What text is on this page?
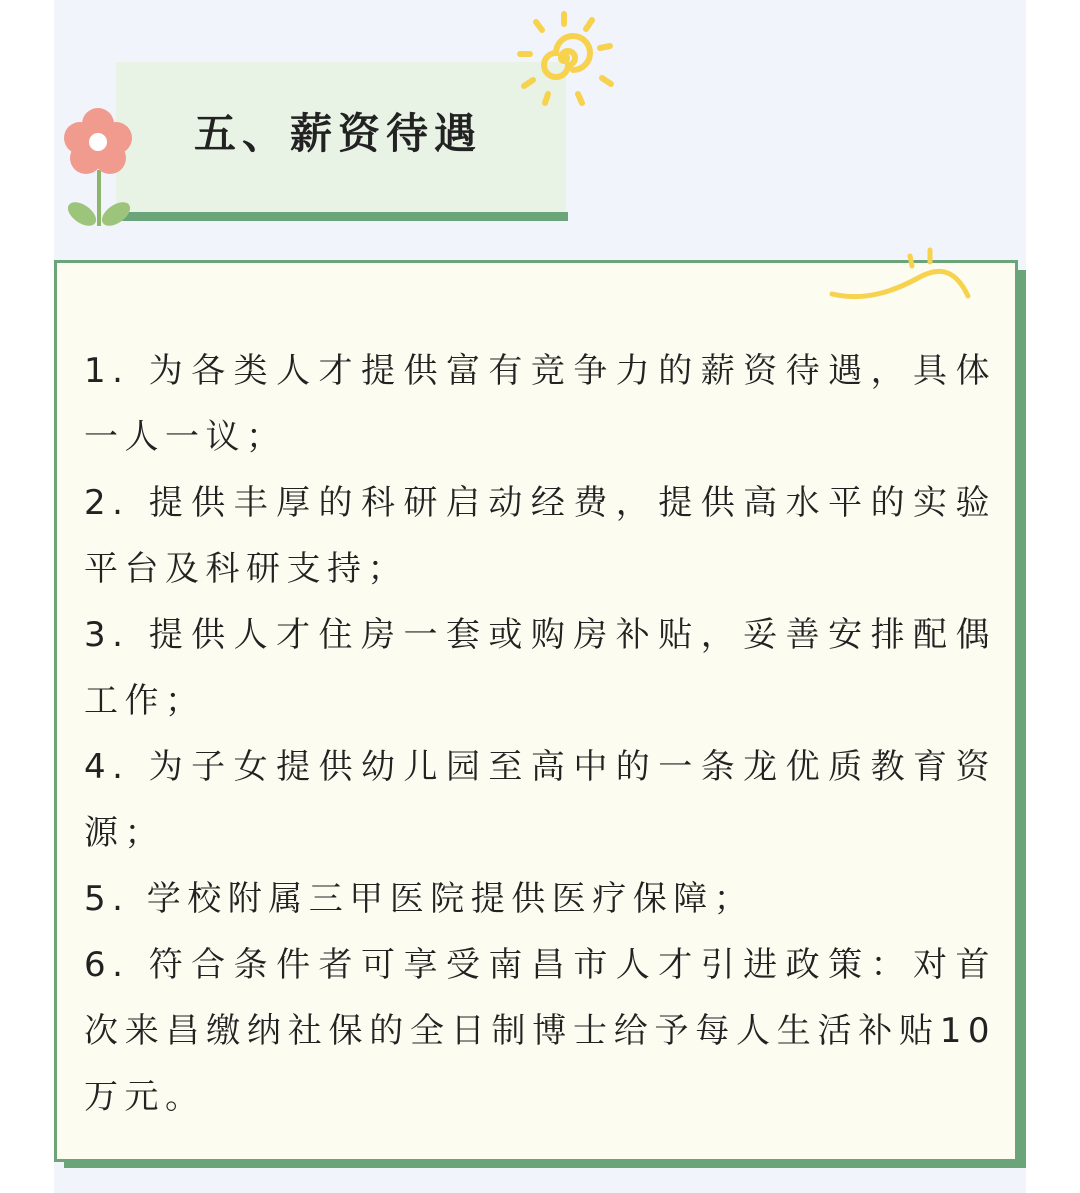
五、薪资待遇
1. 为各类人才提供富有竞争力的薪资待遇，具体一人一议；
2. 提供丰厚的科研启动经费，提供高水平的实验平台及科研支持；
3. 提供人才住房一套或购房补贴，妥善安排配偶工作；
4. 为子女提供幼儿园至高中的一条龙优质教育资源；
5. 学校附属三甲医院提供医疗保障；
6. 符合条件者可享受南昌市人才引进政策：对首次来昌缴纳社保的全日制博士给予每人生活补贴10万元。
